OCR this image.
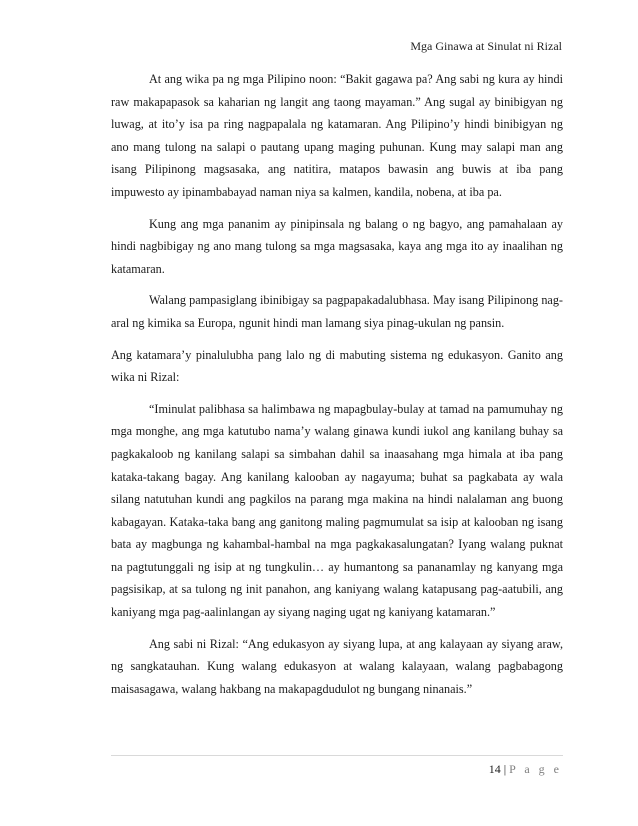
Mga Ginawa at Sinulat ni Rizal

At ang wika pa ng mga Pilipino noon: “Bakit gagawa pa? Ang sabi ng kura ay hindi raw makapapasok sa kaharian ng langit ang taong mayaman.” Ang sugal ay binibigyan ng luwag, at ito’y isa pa ring nagpapalala ng katamaran. Ang Pilipino’y hindi binibigyan ng ano mang tulong na salapi o pautang upang maging puhunan. Kung may salapi man ang isang Pilipinong magsasaka, ang natitira, matapos bawasin ang buwis at iba pang impuwesto ay ipinambabayad naman niya sa kalmen, kandila, nobena, at iba pa.

Kung ang mga pananim ay pinipinsala ng balang o ng bagyo, ang pamahalaan ay hindi nagbibigay ng ano mang tulong sa mga magsasaka, kaya ang mga ito ay inaalihan ng katamaran.

Walang pampasiglang ibinibigay sa pagpapakadalubhasa. May isang Pilipinong nag-aral ng kimika sa Europa, ngunit hindi man lamang siya pinag-ukulan ng pansin.

Ang katamara’y pinalulubha pang lalo ng di mabuting sistema ng edukasyon. Ganito ang wika ni Rizal:

“Iminulat palibhasa sa halimbawa ng mapagbulay-bulay at tamad na pamumuhay ng mga monghe, ang mga katutubo nama’y walang ginawa kundi iukol ang kanilang buhay sa pagkakaloob ng kanilang salapi sa simbahan dahil sa inaasahang mga himala at iba pang kataka-takang bagay. Ang kanilang kalooban ay nagayuma; buhat sa pagkabata ay wala silang natutuhan kundi ang pagkilos na parang mga makina na hindi nalalaman ang buong kabagayan. Kataka-taka bang ang ganitong maling pagmumulat sa isip at kalooban ng isang bata ay magbunga ng kahambal-hambal na mga pagkakasalungatan? Iyang walang puknat na pagtutunggali ng isip at ng tungkulin… ay humantong sa pananamlay ng kanyang mga pagsisikap, at sa tulong ng init panahon, ang kaniyang walang katapusang pag-aatubili, ang kaniyang mga pag-aalinlangan ay siyang naging ugat ng kaniyang katamaran.”

Ang sabi ni Rizal: “Ang edukasyon ay siyang lupa, at ang kalayaan ay siyang araw, ng sangkatauhan. Kung walang edukasyon at walang kalayaan, walang pagbabagong maisasagawa, walang hakbang na makapagdudulot ng bungang ninanais.”

14 | P a g e
